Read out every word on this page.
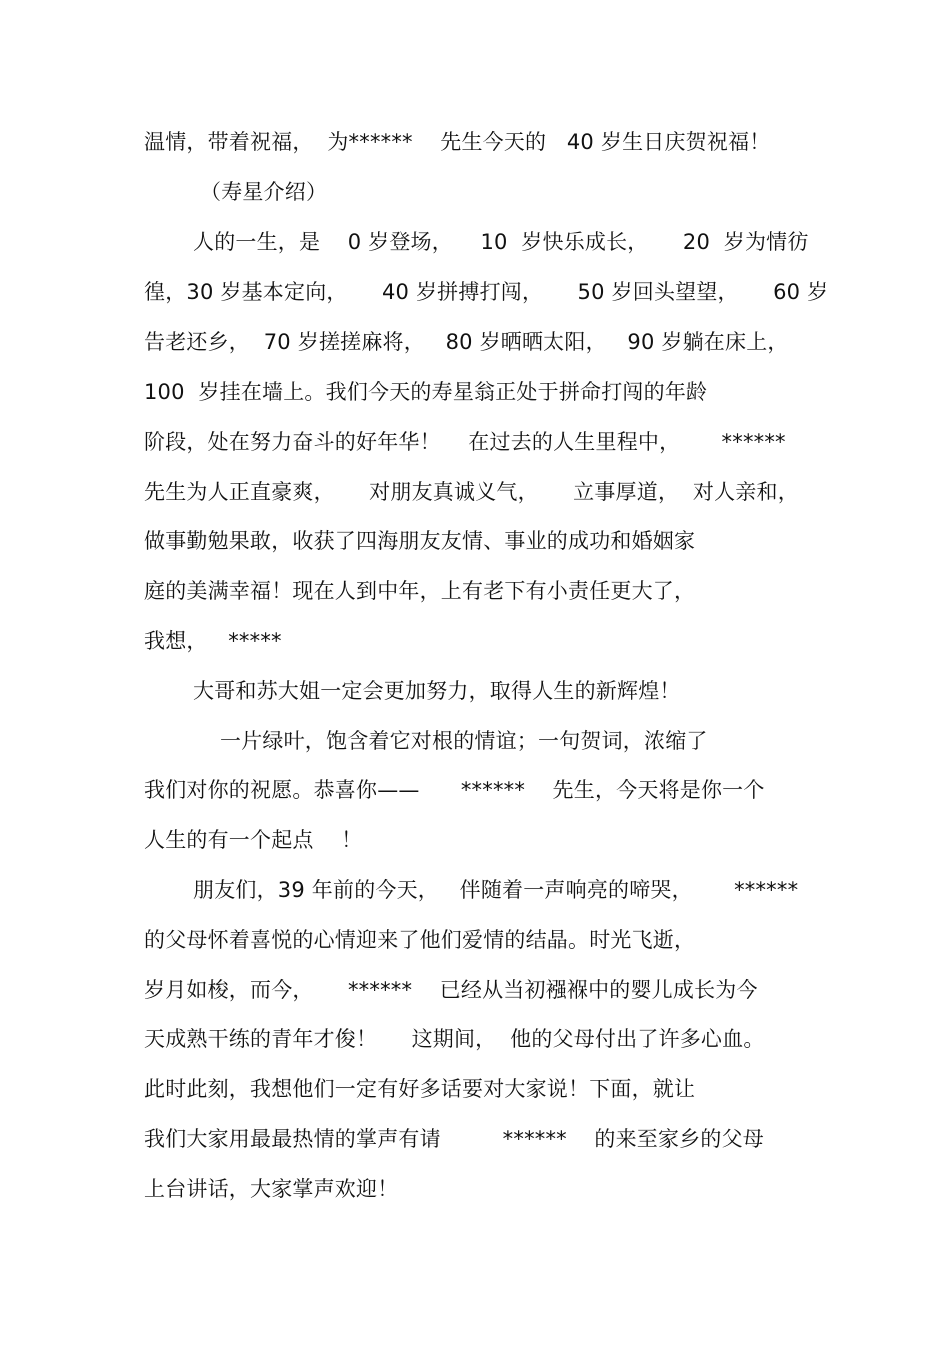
温情，带着祝福，  为******    先生今天的   40 岁生日庆贺祝福！
（寿星介绍）
人的一生，是    0 岁登场，    10  岁快乐成长，     20  岁为情彷
徨，30 岁基本定向，     40 岁拼搏打闯，     50 岁回头望望，     60 岁
告老还乡，  70 岁搓搓麻将，   80 岁晒晒太阳，   90 岁躺在床上，
100  岁挂在墙上。我们今天的寿星翁正处于拼命打闯的年龄
阶段，处在努力奋斗的好年华！    在过去的人生里程中，      ******
先生为人正直豪爽，     对朋友真诚义气，     立事厚道，  对人亲和，
做事勤勉果敢，收获了四海朋友友情、事业的成功和婚姻家
庭的美满幸福！现在人到中年，上有老下有小责任更大了，
我想，   *****
大哥和苏大姐一定会更加努力，取得人生的新辉煌！
一片绿叶，饱含着它对根的情谊；一句贺词，浓缩了
我们对你的祝愿。恭喜你——      ******    先生，今天将是你一个
人生的有一个起点    ！
朋友们，39 年前的今天，   伴随着一声响亮的啼哭，      ******
的父母怀着喜悦的心情迎来了他们爱情的结晶。时光飞逝，
岁月如梭，而今，     ******    已经从当初襁褓中的婴儿成长为今
天成熟干练的青年才俊！     这期间，  他的父母付出了许多心血。
此时此刻，我想他们一定有好多话要对大家说！下面，就让
我们大家用最最热情的掌声有请         ******    的来至家乡的父母
上台讲话，大家掌声欢迎！
